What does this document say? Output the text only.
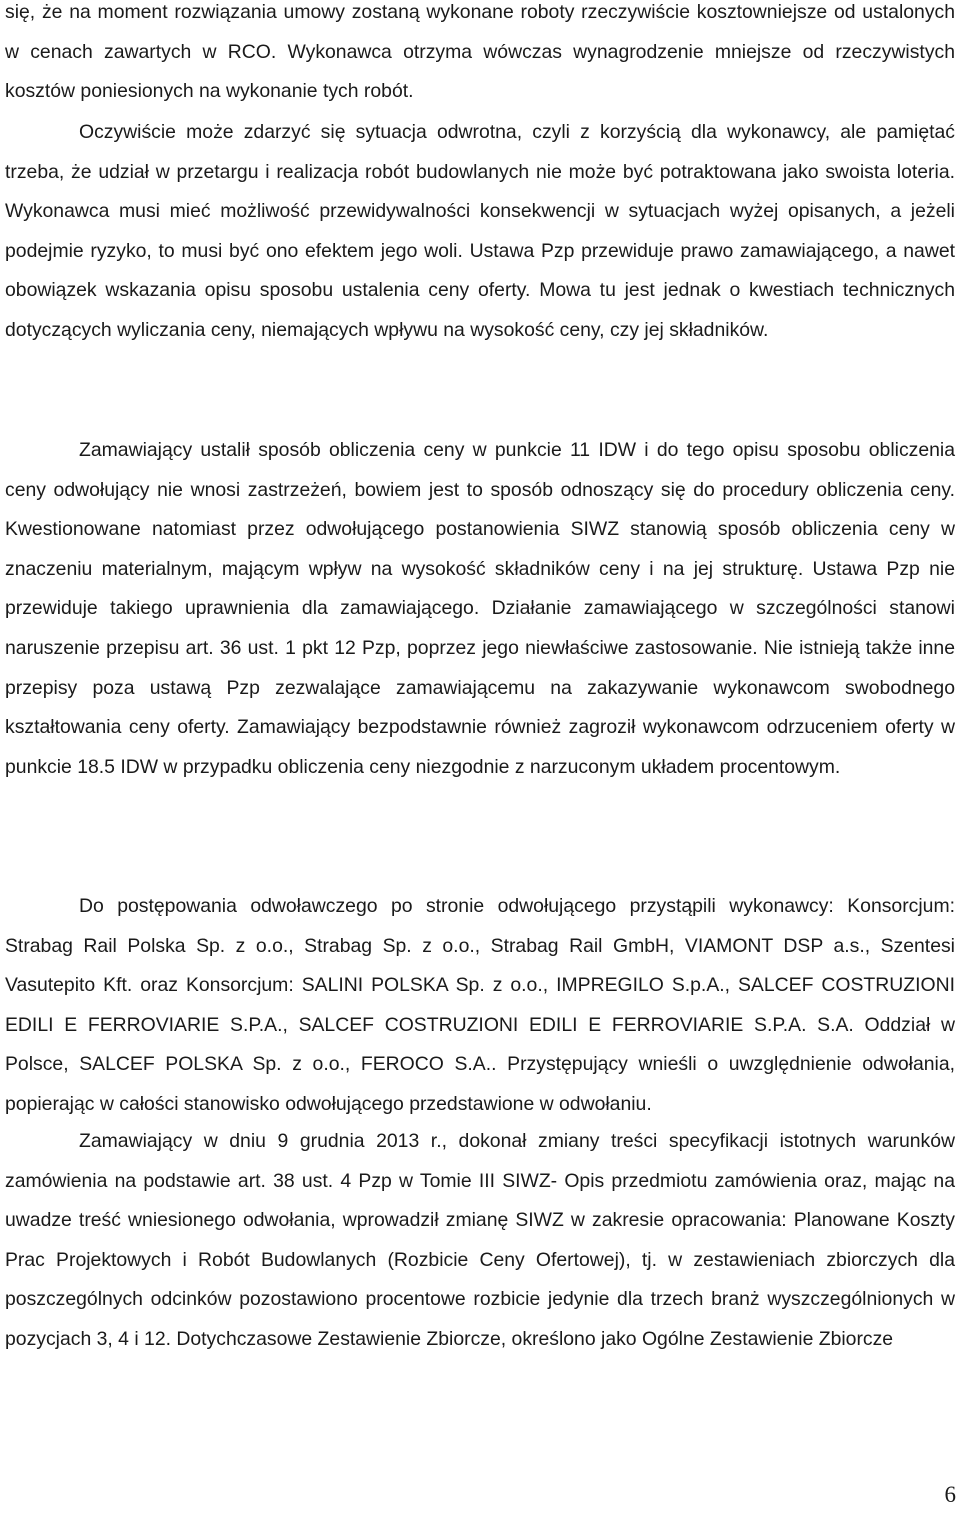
się, że na moment rozwiązania umowy zostaną wykonane roboty rzeczywiście kosztowniejsze od ustalonych w cenach zawartych w RCO. Wykonawca otrzyma wówczas wynagrodzenie mniejsze od rzeczywistych kosztów poniesionych na wykonanie tych robót.

Oczywiście może zdarzyć się sytuacja odwrotna, czyli z korzyścią dla wykonawcy, ale pamiętać trzeba, że udział w przetargu i realizacja robót budowlanych nie może być potraktowana jako swoista loteria. Wykonawca musi mieć możliwość przewidywalności konsekwencji w sytuacjach wyżej opisanych, a jeżeli podejmie ryzyko, to musi być ono efektem jego woli. Ustawa Pzp przewiduje prawo zamawiającego, a nawet obowiązek wskazania opisu sposobu ustalenia ceny oferty. Mowa tu jest jednak o kwestiach technicznych dotyczących wyliczania ceny, niemających wpływu na wysokość ceny, czy jej składników.

Zamawiający ustalił sposób obliczenia ceny w punkcie 11 IDW i do tego opisu sposobu obliczenia ceny odwołujący nie wnosi zastrzeżeń, bowiem jest to sposób odnoszący się do procedury obliczenia ceny. Kwestionowane natomiast przez odwołującego postanowienia SIWZ stanowią sposób obliczenia ceny w znaczeniu materialnym, mającym wpływ na wysokość składników ceny i na jej strukturę. Ustawa Pzp nie przewiduje takiego uprawnienia dla zamawiającego. Działanie zamawiającego w szczególności stanowi naruszenie przepisu art. 36 ust. 1 pkt 12 Pzp, poprzez jego niewłaściwe zastosowanie. Nie istnieją także inne przepisy poza ustawą Pzp zezwalające zamawiającemu na zakazywanie wykonawcom swobodnego kształtowania ceny oferty. Zamawiający bezpodstawnie również zagroził wykonawcom odrzuceniem oferty w punkcie 18.5 IDW w przypadku obliczenia ceny niezgodnie z narzuconym układem procentowym.

Do postępowania odwoławczego po stronie odwołującego przystąpili wykonawcy: Konsorcjum: Strabag Rail Polska Sp. z o.o., Strabag Sp. z o.o., Strabag Rail GmbH, VIAMONT DSP a.s., Szentesi Vasutepito Kft. oraz Konsorcjum: SALINI POLSKA Sp. z o.o., IMPREGILO S.p.A., SALCEF COSTRUZIONI EDILI E FERROVIARIE S.P.A., SALCEF COSTRUZIONI EDILI E FERROVIARIE S.P.A. S.A. Oddział w Polsce, SALCEF POLSKA Sp. z o.o., FEROCO S.A.. Przystępujący wnieśli o uwzględnienie odwołania, popierając w całości stanowisko odwołującego przedstawione w odwołaniu.

Zamawiający w dniu 9 grudnia 2013 r., dokonał zmiany treści specyfikacji istotnych warunków zamówienia na podstawie art. 38 ust. 4 Pzp w Tomie III SIWZ- Opis przedmiotu zamówienia oraz, mając na uwadze treść wniesionego odwołania, wprowadził zmianę SIWZ w zakresie opracowania: Planowane Koszty Prac Projektowych i Robót Budowlanych (Rozbicie Ceny Ofertowej), tj. w zestawieniach zbiorczych dla poszczególnych odcinków pozostawiono procentowe rozbicie jedynie dla trzech branż wyszczególnionych w pozycjach 3, 4 i 12. Dotychczasowe Zestawienie Zbiorcze, określono jako Ogólne Zestawienie Zbiorcze

6
